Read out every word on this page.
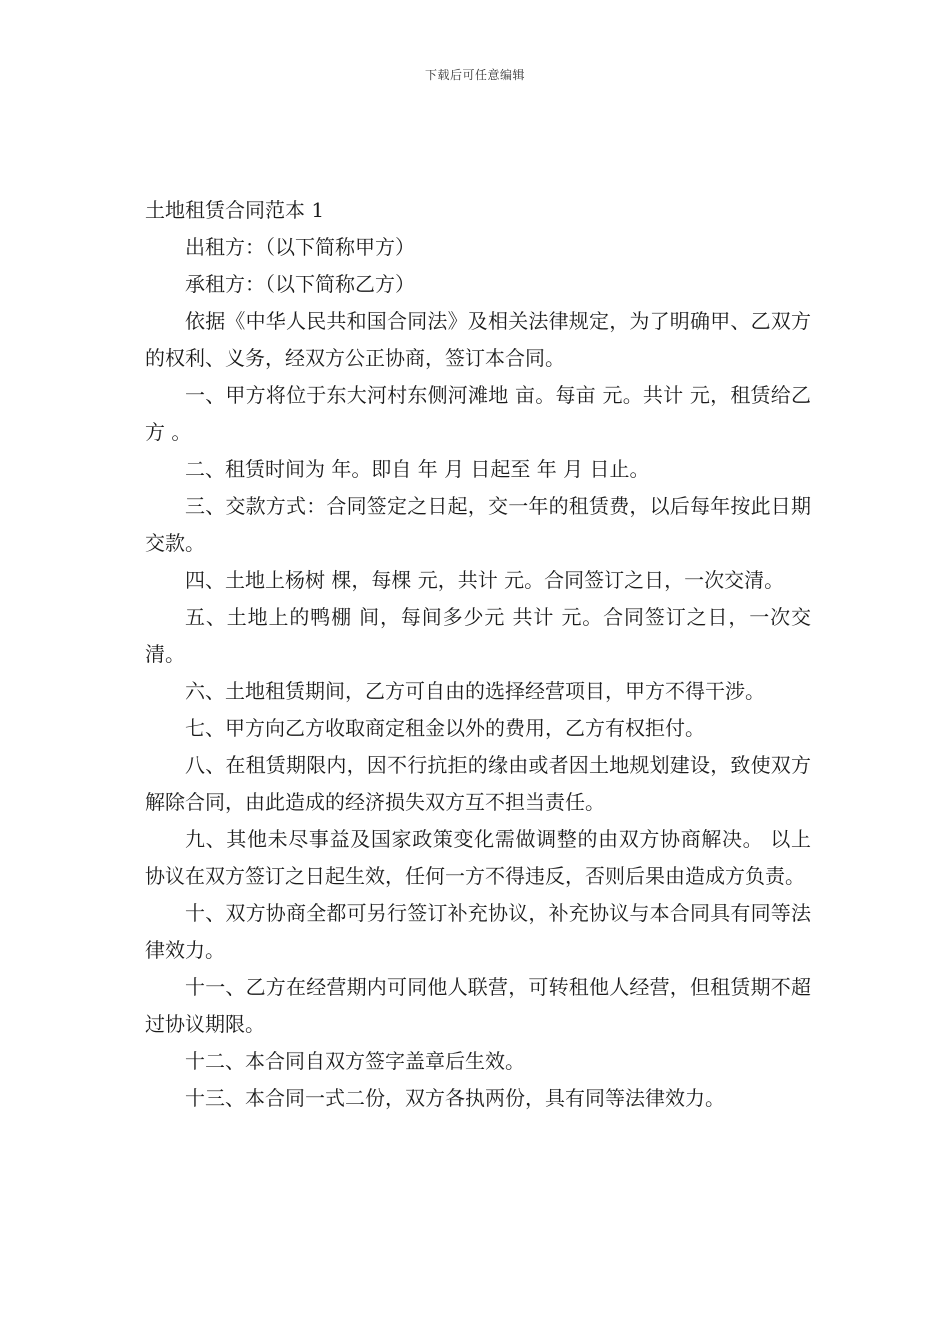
下载后可任意编辑
土地租赁合同范本 1

出租方：（以下简称甲方）

承租方：（以下简称乙方）

依据《中华人民共和国合同法》及相关法律规定，为了明确甲、乙双方的权利、义务，经双方公正协商，签订本合同。

一、甲方将位于东大河村东侧河滩地 亩。每亩 元。共计 元，租赁给乙方 。

二、租赁时间为 年。即自 年 月 日起至 年 月 日止。

三、交款方式：合同签定之日起，交一年的租赁费，以后每年按此日期交款。

四、土地上杨树 棵，每棵 元，共计 元。合同签订之日，一次交清。

五、土地上的鸭棚 间，每间多少元 共计 元。合同签订之日，一次交清。

六、土地租赁期间，乙方可自由的选择经营项目，甲方不得干涉。

七、甲方向乙方收取商定租金以外的费用，乙方有权拒付。

八、在租赁期限内，因不行抗拒的缘由或者因土地规划建设，致使双方解除合同，由此造成的经济损失双方互不担当责任。

九、其他未尽事益及国家政策变化需做调整的由双方协商解决。 以上协议在双方签订之日起生效，任何一方不得违反，否则后果由造成方负责。

十、双方协商全都可另行签订补充协议，补充协议与本合同具有同等法律效力。

十一、乙方在经营期内可同他人联营，可转租他人经营，但租赁期不超过协议期限。

十二、本合同自双方签字盖章后生效。

十三、本合同一式二份，双方各执两份，具有同等法律效力。
